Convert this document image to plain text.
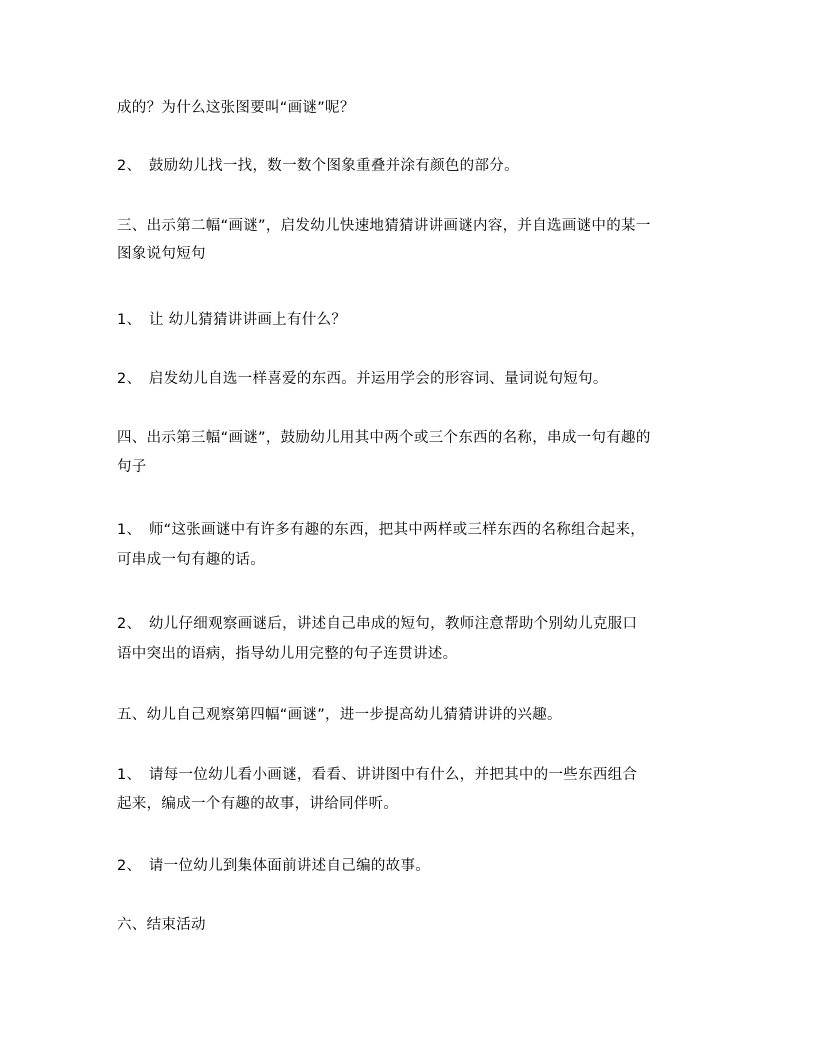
成的？为什么这张图要叫“画谜”呢？
2、　鼓励幼儿找一找，数一数个图象重叠并涂有颜色的部分。
三、出示第二幅“画谜”，启发幼儿快速地猜猜讲讲画谜内容，并自选画谜中的某一
图象说句短句
1、　让 幼儿猜猜讲讲画上有什么？
2、　启发幼儿自选一样喜爱的东西。并运用学会的形容词、量词说句短句。
四、出示第三幅“画谜”，鼓励幼儿用其中两个或三个东西的名称，串成一句有趣的
句子
1、　师“这张画谜中有许多有趣的东西，把其中两样或三样东西的名称组合起来，
可串成一句有趣的话。
2、　幼儿仔细观察画谜后，讲述自己串成的短句，教师注意帮助个别幼儿克服口
语中突出的语病，指导幼儿用完整的句子连贯讲述。
五、幼儿自己观察第四幅“画谜”，进一步提高幼儿猜猜讲讲的兴趣。
1、　请每一位幼儿看小画谜，看看、讲讲图中有什么，并把其中的一些东西组合
起来，编成一个有趣的故事，讲给同伴听。
2、　请一位幼儿到集体面前讲述自己编的故事。
六、结束活动
